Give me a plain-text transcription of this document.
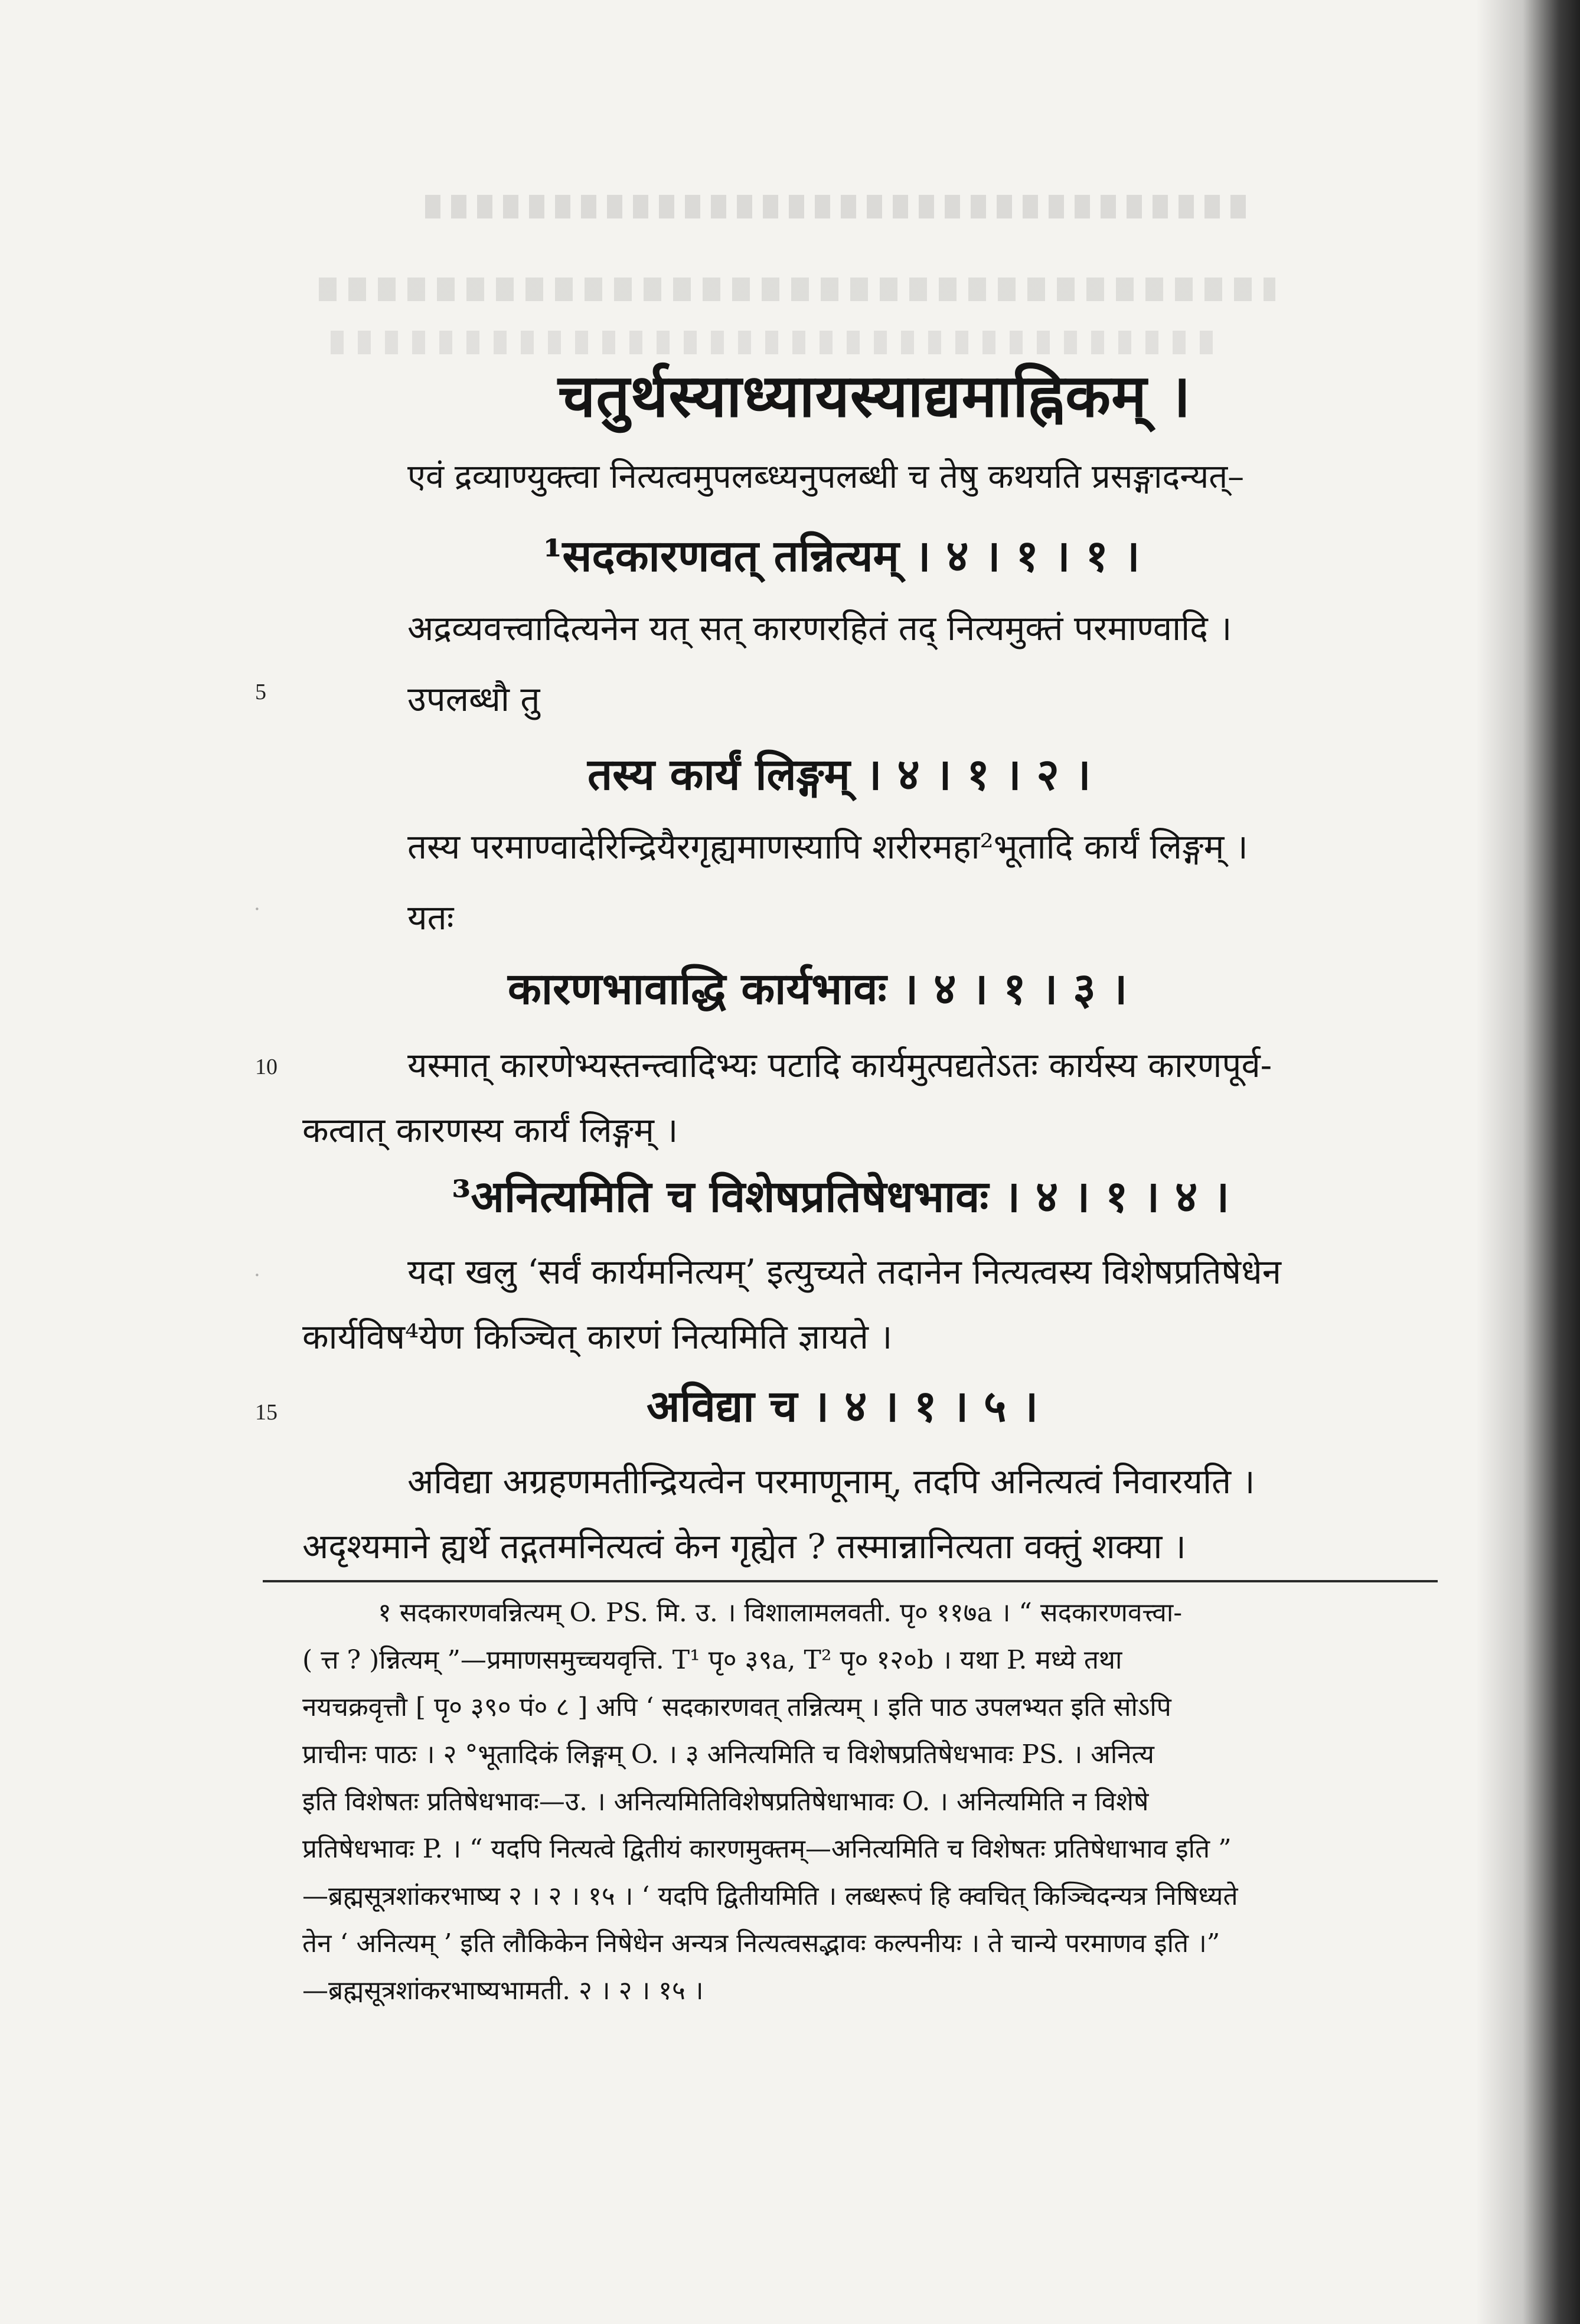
चतुर्थस्याध्यायस्याद्यमाह्निकम् ।
एवं द्रव्याण्युक्त्वा नित्यत्वमुपलब्ध्यनुपलब्धी च तेषु कथयति प्रसङ्गादन्यत्–
¹सदकारणवत् तन्नित्यम् । ४ । १ । १ ।
अद्रव्यवत्त्वादित्यनेन यत् सत् कारणरहितं तद् नित्यमुक्तं परमाण्वादि ।
उपलब्धौ तु
तस्य कार्यं लिङ्गम् । ४ । १ । २ ।
तस्य परमाण्वादेरिन्द्रियैरगृह्यमाणस्यापि शरीरमहा²भूतादि कार्यं लिङ्गम् ।
यतः
कारणभावाद्धि कार्यभावः । ४ । १ । ३ ।
यस्मात् कारणेभ्यस्तन्त्वादिभ्यः पटादि कार्यमुत्पद्यतेऽतः कार्यस्य कारणपूर्व-
कत्वात् कारणस्य कार्यं लिङ्गम् ।
³अनित्यमिति च विशेषप्रतिषेधभावः । ४ । १ । ४ ।
यदा खलु ‘सर्वं कार्यमनित्यम्’ इत्युच्यते तदानेन नित्यत्वस्य विशेषप्रतिषेधेन
कार्यविष⁴येण किञ्चित् कारणं नित्यमिति ज्ञायते ।
अविद्या च । ४ । १ । ५ ।
अविद्या अग्रहणमतीन्द्रियत्वेन परमाणूनाम्, तदपि अनित्यत्वं निवारयति ।
अदृश्यमाने ह्यर्थे तद्गतमनित्यत्वं केन गृह्येत ? तस्मान्नानित्यता वक्तुं शक्या ।
5
10
15
·
·
१ सदकारणवन्नित्यम् O. PS. मि. उ. । विशालामलवती. पृ० ११७a । “ सदकारणवत्त्वा-
( त्त ? )न्नित्यम् ”—प्रमाणसमुच्चयवृत्ति. T¹ पृ० ३९a, T² पृ० १२०b । यथा P. मध्ये तथा
नयचक्रवृत्तौ [ पृ० ३९० पं० ८ ] अपि ‘ सदकारणवत् तन्नित्यम् । इति पाठ उपलभ्यत इति सोऽपि
प्राचीनः पाठः । २ °भूतादिकं लिङ्गम् O. । ३ अनित्यमिति च विशेषप्रतिषेधभावः PS. । अनित्य
इति विशेषतः प्रतिषेधभावः—उ. । अनित्यमितिविशेषप्रतिषेधाभावः O. । अनित्यमिति न विशेषे
प्रतिषेधभावः P. । “ यदपि नित्यत्वे द्वितीयं कारणमुक्तम्—अनित्यमिति च विशेषतः प्रतिषेधाभाव इति ”
—ब्रह्मसूत्रशांकरभाष्य २ । २ । १५ । ‘ यदपि द्वितीयमिति । लब्धरूपं हि क्वचित् किञ्चिदन्यत्र निषिध्यते
तेन ‘ अनित्यम् ’ इति लौकिकेन निषेधेन अन्यत्र नित्यत्वसद्भावः कल्पनीयः । ते चान्ये परमाणव इति ।”
—ब्रह्मसूत्रशांकरभाष्यभामती. २ । २ । १५ ।
